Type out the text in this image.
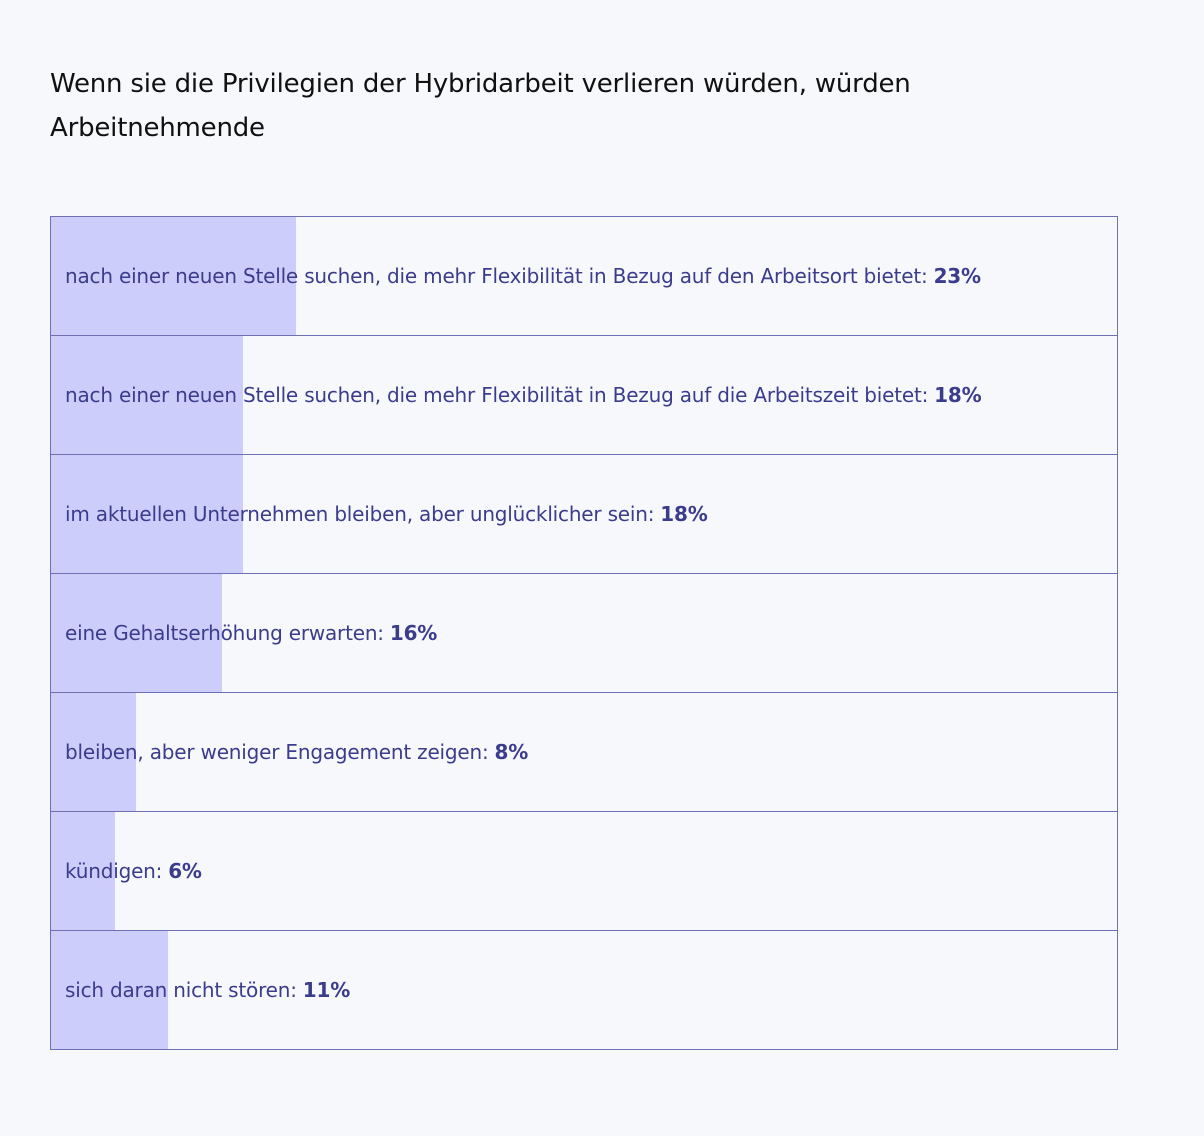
Wenn sie die Privilegien der Hybridarbeit verlieren würden, würden Arbeitnehmende
nach einer neuen Stelle suchen, die mehr Flexibilität in Bezug auf den Arbeitsort bietet: 23%
nach einer neuen Stelle suchen, die mehr Flexibilität in Bezug auf die Arbeitszeit bietet: 18%
im aktuellen Unternehmen bleiben, aber unglücklicher sein: 18%
eine Gehaltserhöhung erwarten: 16%
bleiben, aber weniger Engagement zeigen: 8%
kündigen: 6%
sich daran nicht stören: 11%
